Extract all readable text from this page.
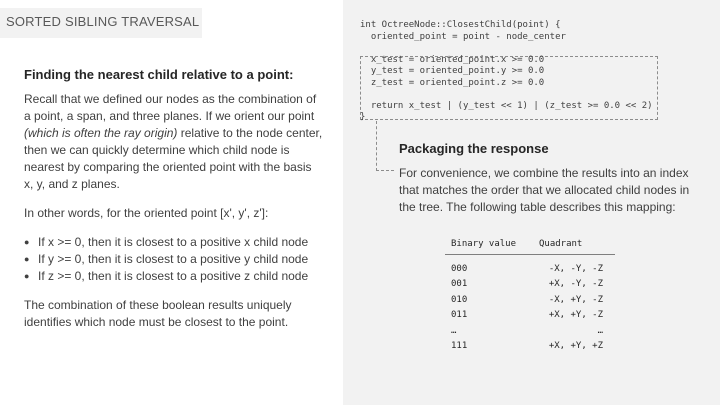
SORTED SIBLING TRAVERSAL
Finding the nearest child relative to a point:

Recall that we defined our nodes as the combination of a point, a span, and three planes. If we orient our point (which is often the ray origin) relative to the node center, then we can quickly determine which child node is nearest by comparing the oriented point with the basis x, y, and z planes.

In other words, for the oriented point [x', y', z']:

● If x >= 0, then it is closest to a positive x child node
● If y >= 0, then it is closest to a positive y child node
● If z >= 0, then it is closest to a positive z child node

The combination of these boolean results uniquely identifies which node must be closest to the point.

int OctreeNode::ClosestChild(point) {
oriented_point = point - node_center

x_test = oriented_point.x >= 0.0
y_test = oriented_point.y >= 0.0
z_test = oriented_point.z >= 0.0

return x_test | (y_test << 1) | (z_test >= 0.0 << 2)
}
Packaging the response
For convenience, we combine the results into an index that matches the order that we allocated child nodes in the tree. The following table describes this mapping:
Binary value	Quadrant
000	-X, -Y, -Z
001	+X, -Y, -Z
010	-X, +Y, -Z
011	+X, +Y, -Z
…	…
111	+X, +Y, +Z
